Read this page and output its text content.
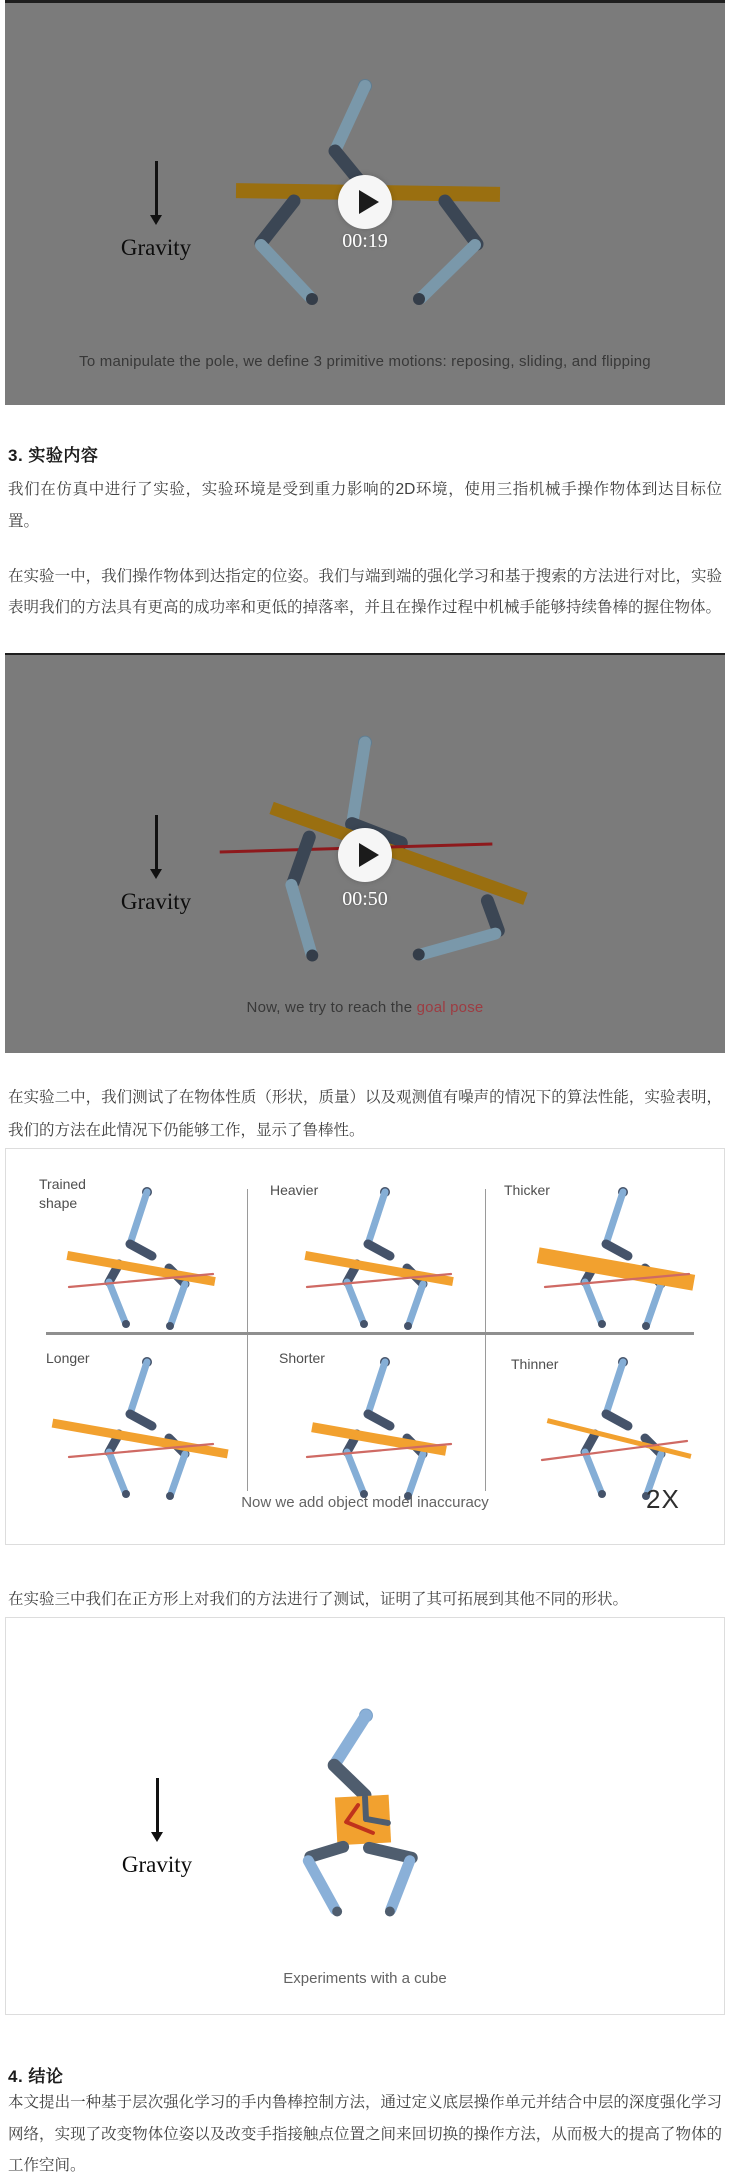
Gravity	00:19
To manipulate the pole, we define 3 primitive motions: reposing, sliding, and flipping
3. 实验内容
我们在仿真中进行了实验，实验环境是受到重力影响的2D环境，使用三指机械手操作物体到达目标位置。
在实验一中，我们操作物体到达指定的位姿。我们与端到端的强化学习和基于搜索的方法进行对比，实验表明我们的方法具有更高的成功率和更低的掉落率，并且在操作过程中机械手能够持续鲁棒的握住物体。
Gravity	00:50
Now, we try to reach the goal pose
在实验二中，我们测试了在物体性质（形状，质量）以及观测值有噪声的情况下的算法性能，实验表明，我们的方法在此情况下仍能够工作，显示了鲁棒性。
Trained shape
Heavier	Thicker
Longer	Shorter	Thinner
Now we add object model inaccuracy	2X
在实验三中我们在正方形上对我们的方法进行了测试，证明了其可拓展到其他不同的形状。
Gravity
Experiments with a cube
4. 结论
本文提出一种基于层次强化学习的手内鲁棒控制方法，通过定义底层操作单元并结合中层的深度强化学习网络，实现了改变物体位姿以及改变手指接触点位置之间来回切换的操作方法，从而极大的提高了物体的工作空间。
